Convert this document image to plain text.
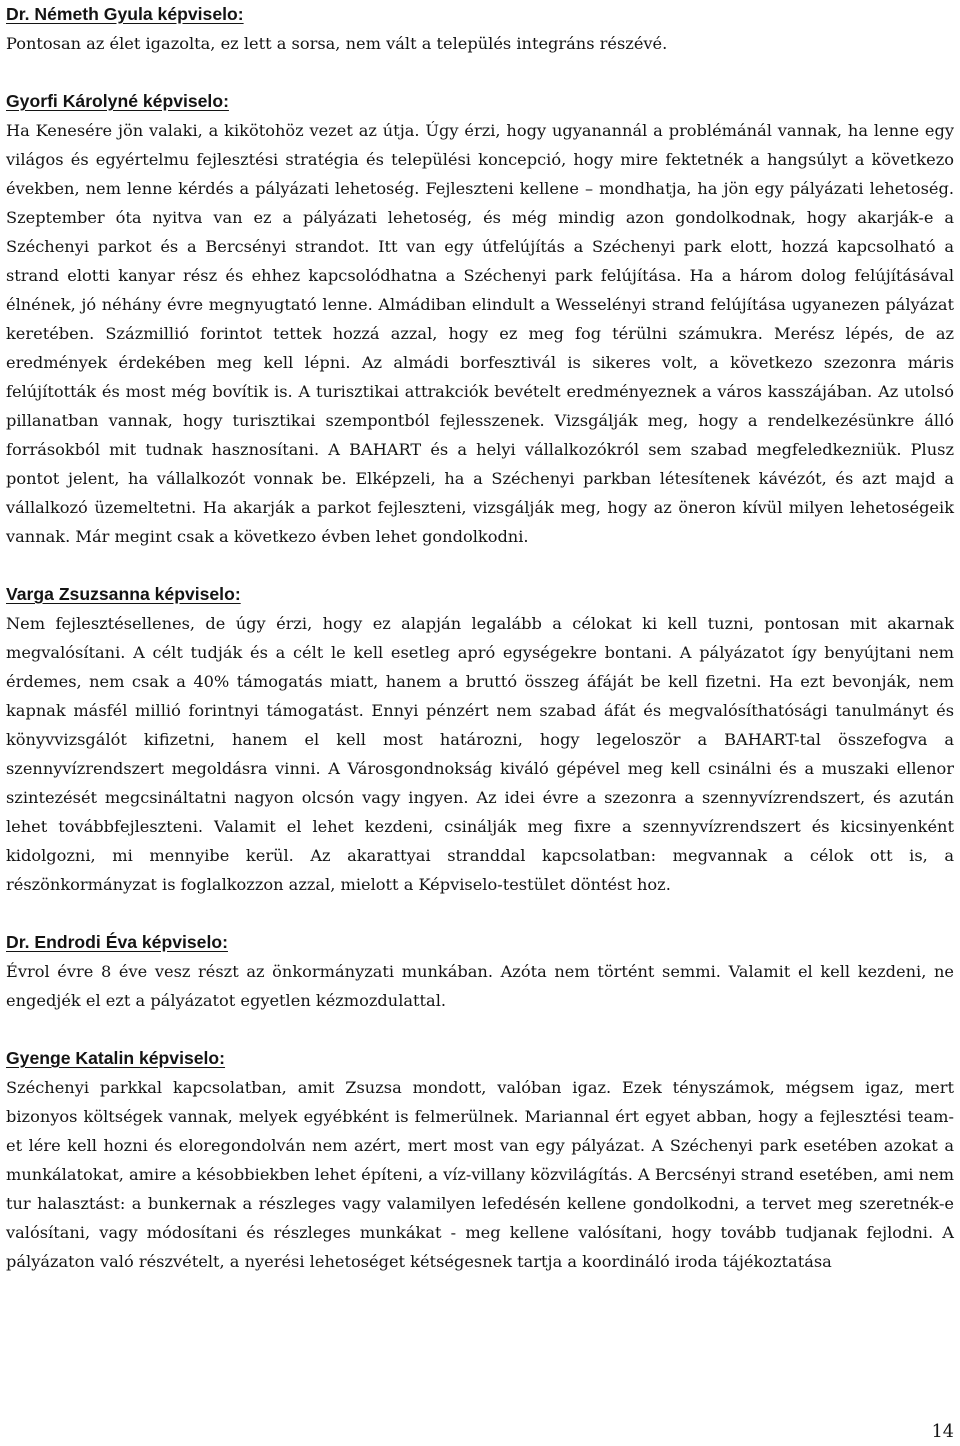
Dr. Németh Gyula képviselo:

Pontosan az élet igazolta, ez lett a sorsa, nem vált a település integráns részévé.

Gyorfi Károlyné képviselo:

Ha Kenesére jön valaki, a kikötohöz vezet az útja. Úgy érzi, hogy ugyanannál a problémánál vannak, ha lenne egy világos és egyértelmu fejlesztési stratégia és települési koncepció, hogy mire fektetnék a hangsúlyt a következo években, nem lenne kérdés a pályázati lehetoség. Fejleszteni kellene – mondhatja, ha jön egy pályázati lehetoség. Szeptember óta nyitva van ez a pályázati lehetoség, és még mindig azon gondolkodnak, hogy akarják-e a Széchenyi parkot és a Bercsényi strandot. Itt van egy útfelújítás a Széchenyi park elott, hozzá kapcsolható a strand elotti kanyar rész és ehhez kapcsolódhatna a Széchenyi park felújítása. Ha a három dolog felújításával élnének, jó néhány évre megnyugtató lenne. Almádiban elindult a Wesselényi strand felújítása ugyanezen pályázat keretében. Százmillió forintot tettek hozzá azzal, hogy ez meg fog térülni számukra. Merész lépés, de az eredmények érdekében meg kell lépni. Az almádi borfesztivál is sikeres volt, a következo szezonra máris felújították és most még bovítik is. A turisztikai attrakciók bevételt eredményeznek a város kasszájában. Az utolsó pillanatban vannak, hogy turisztikai szempontból fejlesszenek. Vizsgálják meg, hogy a rendelkezésünkre álló forrásokból mit tudnak hasznosítani. A BAHART és a helyi vállalkozókról sem szabad megfeledkezniük. Plusz pontot jelent, ha vállalkozót vonnak be. Elképzeli, ha a Széchenyi parkban létesítenek kávézót, és azt majd a vállalkozó üzemeltetni. Ha akarják a parkot fejleszteni, vizsgálják meg, hogy az öneron kívül milyen lehetoségeik vannak. Már megint csak a következo évben lehet gondolkodni.

Varga Zsuzsanna képviselo:

Nem fejlesztésellenes, de úgy érzi, hogy ez alapján legalább a célokat ki kell tuzni, pontosan mit akarnak megvalósítani. A célt tudják és a célt le kell esetleg apró egységekre bontani. A pályázatot így benyújtani nem érdemes, nem csak a 40% támogatás miatt, hanem a bruttó összeg áfáját be kell fizetni. Ha ezt bevonják, nem kapnak másfél millió forintnyi támogatást. Ennyi pénzért nem szabad áfát és megvalósíthatósági tanulmányt és könyvvizsgálót kifizetni, hanem el kell most határozni, hogy legeloször a BAHART-tal összefogva a szennyvízrendszert megoldásra vinni. A Városgondnokság kiváló gépével meg kell csinálni és a muszaki ellenor szintezését megcsináltatni nagyon olcsón vagy ingyen. Az idei évre a szezonra a szennyvízrendszert, és azután lehet továbbfejleszteni. Valamit el lehet kezdeni, csinálják meg fixre a szennyvízrendszert és kicsinyenként kidolgozni, mi mennyibe kerül. Az akarattyai stranddal kapcsolatban: megvannak a célok ott is, a részönkormányzat is foglalkozzon azzal, mielott a Képviselo-testület döntést hoz.

Dr. Endrodi Éva képviselo:

Évrol évre 8 éve vesz részt az önkormányzati munkában. Azóta nem történt semmi. Valamit el kell kezdeni, ne engedjék el ezt a pályázatot egyetlen kézmozdulattal.

Gyenge Katalin képviselo:

Széchenyi parkkal kapcsolatban, amit Zsuzsa mondott, valóban igaz. Ezek tényszámok, mégsem igaz, mert bizonyos költségek vannak, melyek egyébként is felmerülnek. Mariannal ért egyet abban, hogy a fejlesztési team-et lére kell hozni és eloregondolván nem azért, mert most van egy pályázat. A Széchenyi park esetében azokat a munkálatokat, amire a késobbiekben lehet építeni, a víz-villany közvilágítás. A Bercsényi strand esetében, ami nem tur halasztást: a bunkernak a részleges vagy valamilyen lefedésén kellene gondolkodni, a tervet meg szeretnék-e valósítani, vagy módosítani és részleges munkákat - meg kellene valósítani, hogy tovább tudjanak fejlodni. A pályázaton való részvételt, a nyerési lehetoséget kétségesnek tartja a koordináló iroda tájékoztatása

14
